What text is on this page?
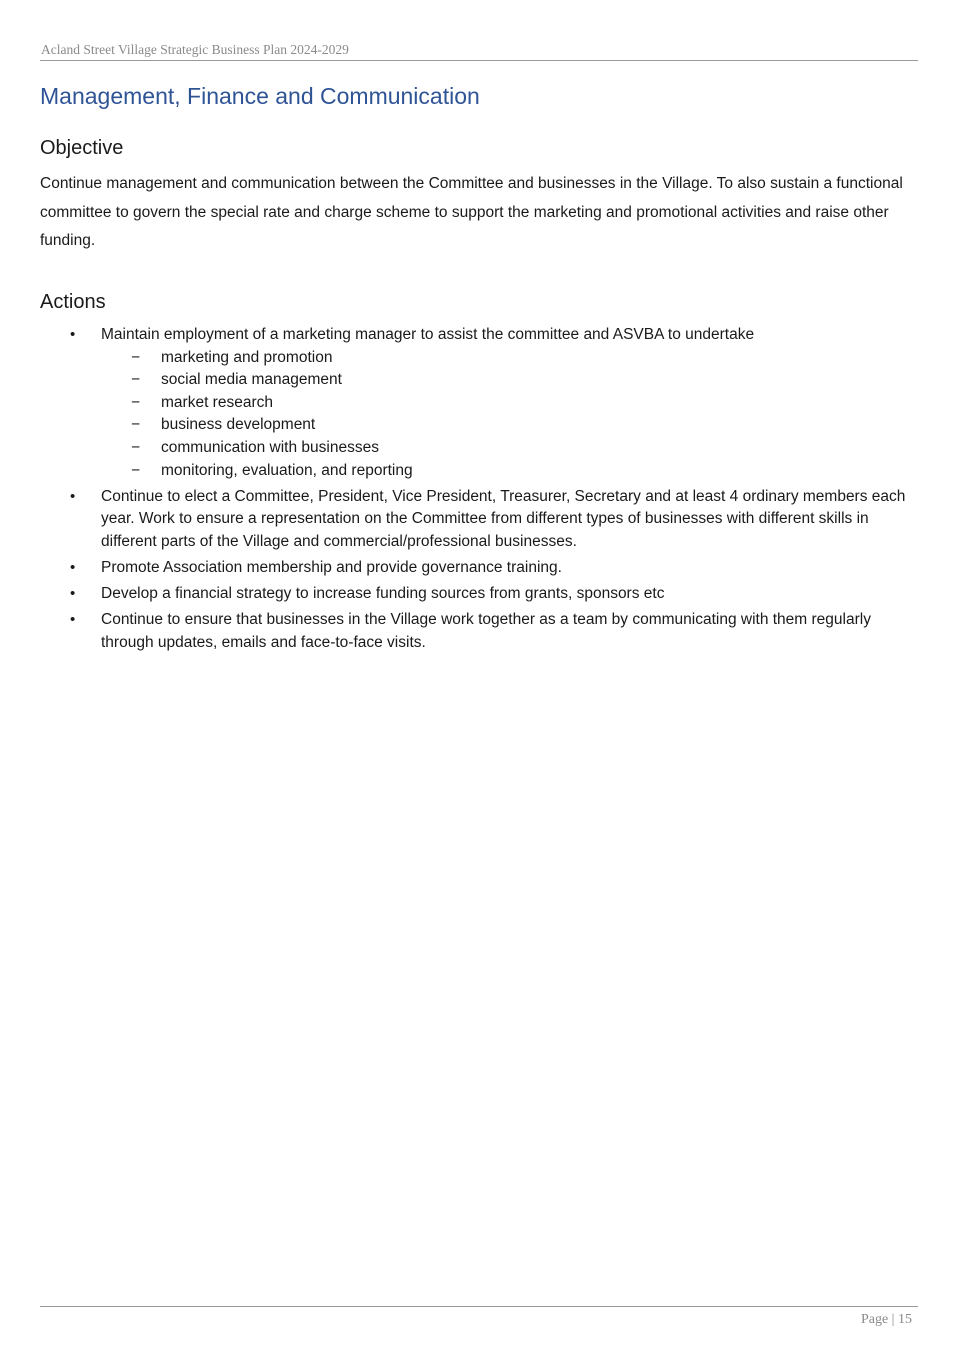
Acland Street Village Strategic Business Plan 2024-2029
Management, Finance and Communication
Objective

Continue management and communication between the Committee and businesses in the Village. To also sustain a functional committee to govern the special rate and charge scheme to support the marketing and promotional activities and raise other funding.

Actions
• Maintain employment of a marketing manager to assist the committee and ASVBA to undertake
− marketing and promotion
− social media management
− market research
− business development
− communication with businesses
− monitoring, evaluation, and reporting
• Continue to elect a Committee, President, Vice President, Treasurer, Secretary and at least 4 ordinary members each year. Work to ensure a representation on the Committee from different types of businesses with different skills in different parts of the Village and commercial/professional businesses.
• Promote Association membership and provide governance training.
• Develop a financial strategy to increase funding sources from grants, sponsors etc
• Continue to ensure that businesses in the Village work together as a team by communicating with them regularly through updates, emails and face-to-face visits.
Page | 15
